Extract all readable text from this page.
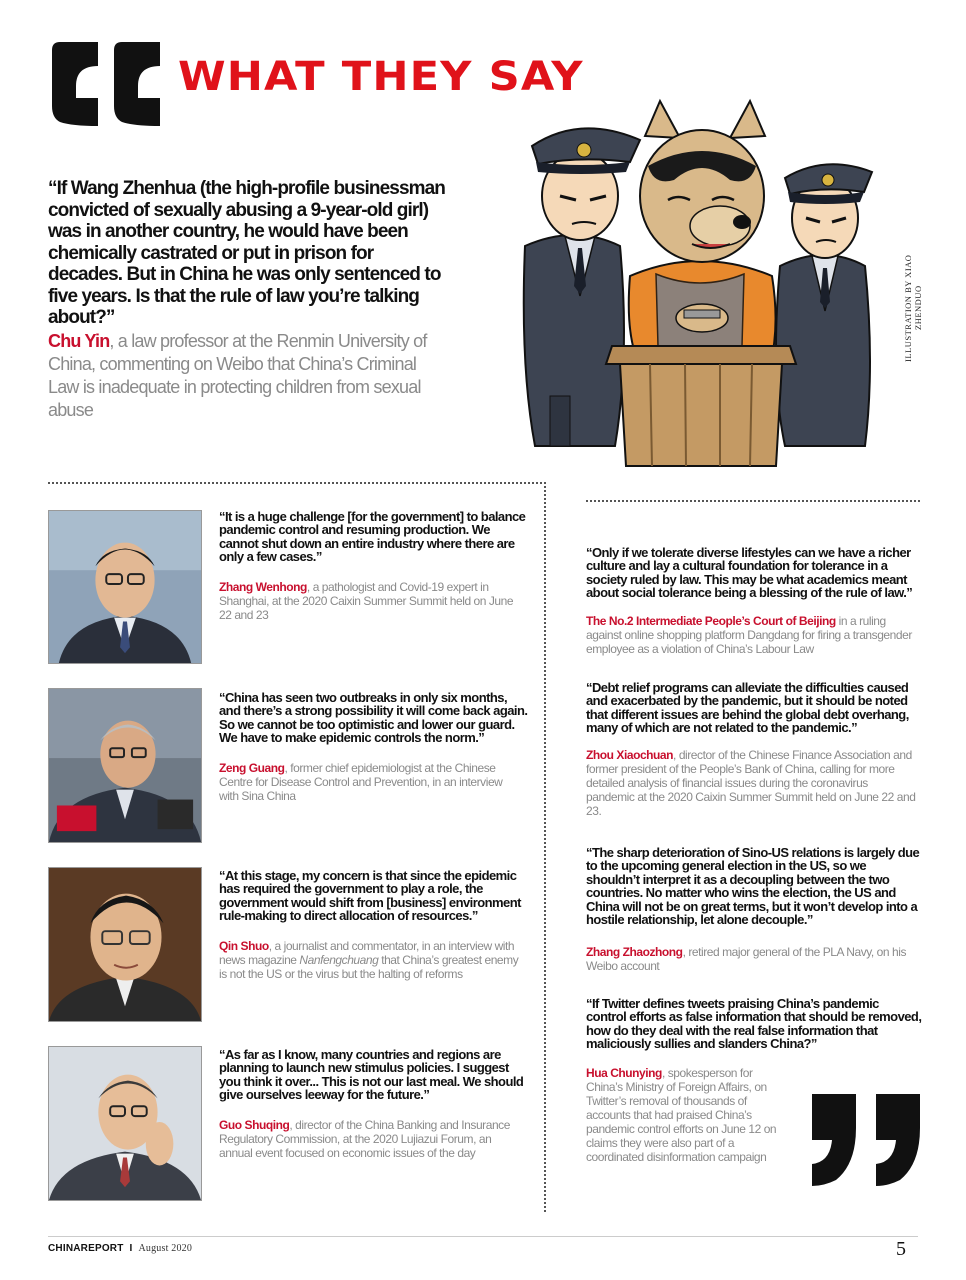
WHAT THEY SAY
“If Wang Zhenhua (the high-profile businessman convicted of sexually abusing a 9-year-old girl) was in another country, he would have been chemically castrated or put in prison for decades. But in China he was only sentenced to five years. Is that the rule of law you’re talking about?”
Chu Yin, a law professor at the Renmin University of China, commenting on Weibo that China’s Criminal Law is inadequate in protecting children from sexual abuse
ILLUSTRATION BY XIAO ZHENDUO
“It is a huge challenge [for the government] to balance pandemic control and resuming production. We cannot shut down an entire industry where there are only a few cases.”
Zhang Wenhong, a pathologist and Covid-19 expert in Shanghai, at the 2020 Caixin Summer Summit held on June 22 and 23
“China has seen two outbreaks in only six months, and there’s a strong possibility it will come back again. So we cannot be too optimistic and lower our guard. We have to make epidemic controls the norm.”
Zeng Guang, former chief epidemiologist at the Chinese Centre for Disease Control and Prevention, in an interview with Sina China
“At this stage, my concern is that since the epidemic has required the government to play a role, the government would shift from [business] environment rule-making to direct allocation of resources.”
Qin Shuo, a journalist and commentator, in an interview with news magazine Nanfengchuang that China’s greatest enemy is not the US or the virus but the halting of reforms
“As far as I know, many countries and regions are planning to launch new stimulus policies. I suggest you think it over... This is not our last meal. We should give ourselves leeway for the future.”
Guo Shuqing, director of the China Banking and Insurance Regulatory Commission, at the 2020 Lujiazui Forum, an annual event focused on economic issues of the day
“Only if we tolerate diverse lifestyles can we have a richer culture and lay a cultural foundation for tolerance in a society ruled by law. This may be what academics meant about social tolerance being a blessing of the rule of law.”
The No.2 Intermediate People’s Court of Beijing in a ruling against online shopping platform Dangdang for firing a transgender employee as a violation of China’s Labour Law
“Debt relief programs can alleviate the difficulties caused and exacerbated by the pandemic, but it should be noted that different issues are behind the global debt overhang, many of which are not related to the pandemic.”
Zhou Xiaochuan, director of the Chinese Finance Association and former president of the People’s Bank of China, calling for more detailed analysis of financial issues during the coronavirus pandemic at the 2020 Caixin Summer Summit held on June 22 and 23.
“The sharp deterioration of Sino-US relations is largely due to the upcoming general election in the US, so we shouldn’t interpret it as a decoupling between the two countries. No matter who wins the election, the US and China will not be on great terms, but it won’t develop into a hostile relationship, let alone decouple.”
Zhang Zhaozhong, retired major general of the PLA Navy, on his Weibo account
“If Twitter defines tweets praising China’s pandemic control efforts as false information that should be removed, how do they deal with the real false information that maliciously sullies and slanders China?”
Hua Chunying, spokesperson for China’s Ministry of Foreign Affairs, on Twitter’s removal of thousands of accounts that had praised China’s pandemic control efforts on June 12 on claims they were also part of a coordinated disinformation campaign
CHINAREPORT I August 2020	5
